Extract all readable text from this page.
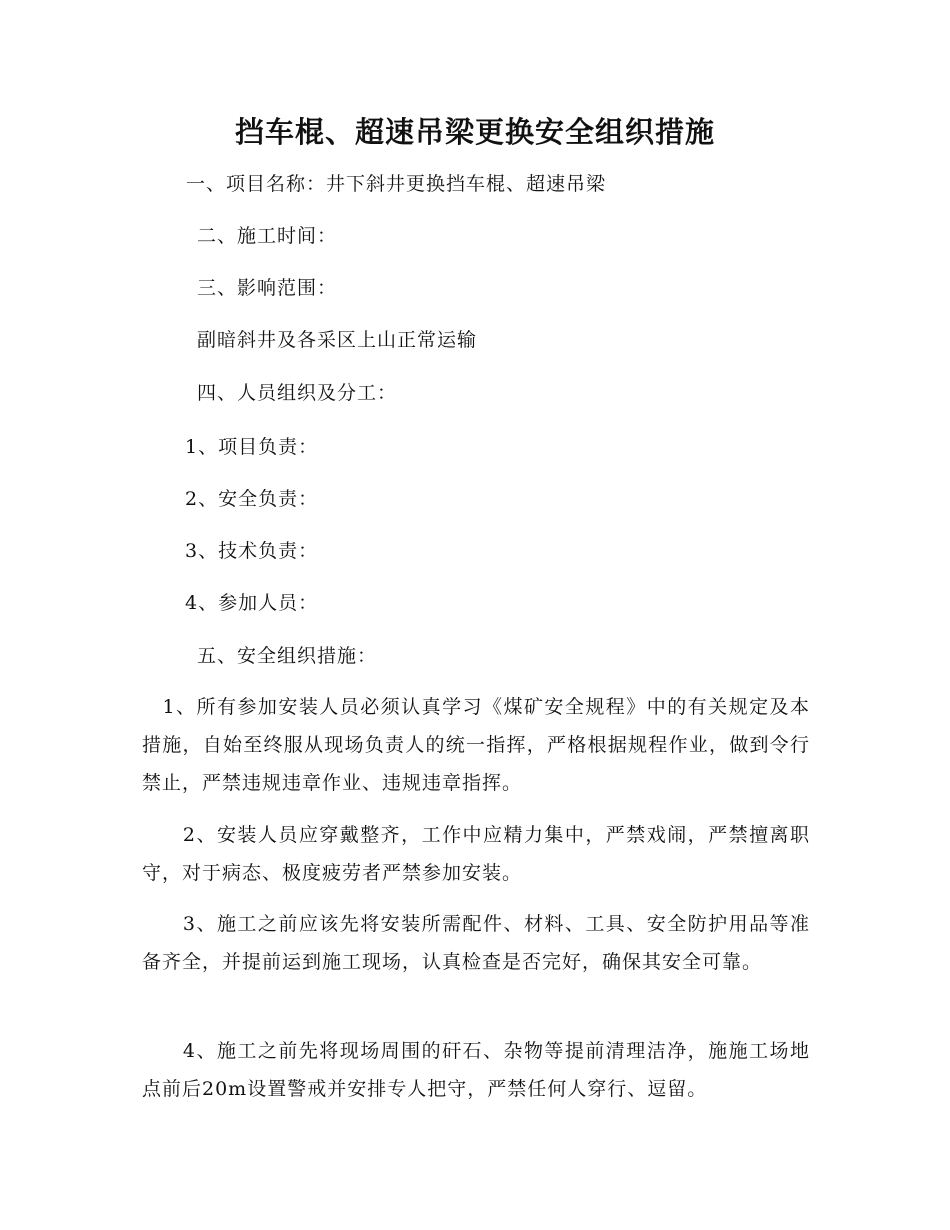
挡车棍、超速吊梁更换安全组织措施
一、项目名称：井下斜井更换挡车棍、超速吊梁
二、施工时间：
三、影响范围：
副暗斜井及各采区上山正常运输
四、人员组织及分工：
1、项目负责：
2、安全负责：
3、技术负责：
4、参加人员：
五、安全组织措施：
　1、所有参加安装人员必须认真学习《煤矿安全规程》中的有关规定及本措施，自始至终服从现场负责人的统一指挥，严格根据规程作业，做到令行禁止，严禁违规违章作业、违规违章指挥。
　　2、安装人员应穿戴整齐，工作中应精力集中，严禁戏闹，严禁擅离职守，对于病态、极度疲劳者严禁参加安装。
　　3、施工之前应该先将安装所需配件、材料、工具、安全防护用品等准备齐全，并提前运到施工现场，认真检查是否完好，确保其安全可靠。
　　4、施工之前先将现场周围的矸石、杂物等提前清理洁净，施施工场地点前后20m设置警戒并安排专人把守，严禁任何人穿行、逗留。
